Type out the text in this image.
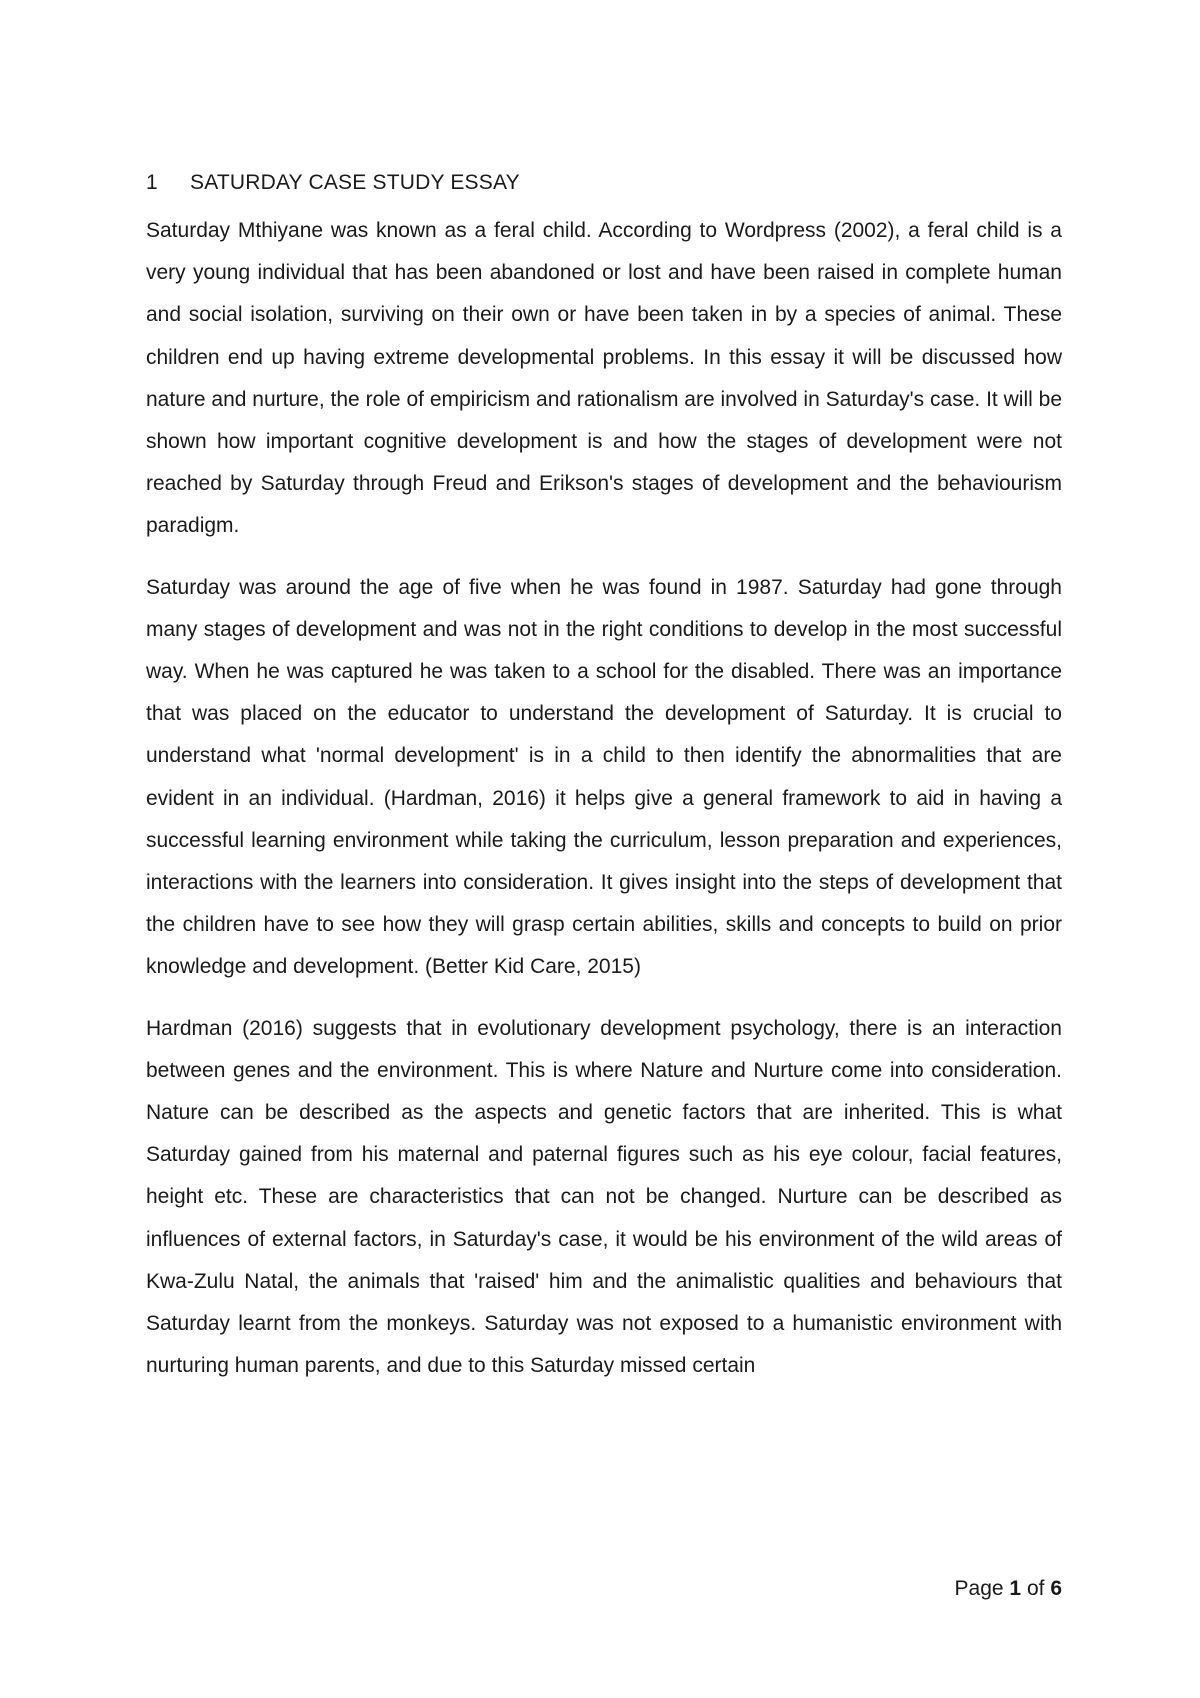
1	SATURDAY CASE STUDY ESSAY

Saturday Mthiyane was known as a feral child. According to Wordpress (2002), a feral child is a very young individual that has been abandoned or lost and have been raised in complete human and social isolation, surviving on their own or have been taken in by a species of animal. These children end up having extreme developmental problems. In this essay it will be discussed how nature and nurture, the role of empiricism and rationalism are involved in Saturday's case. It will be shown how important cognitive development is and how the stages of development were not reached by Saturday through Freud and Erikson's stages of development and the behaviourism paradigm.

Saturday was around the age of five when he was found in 1987. Saturday had gone through many stages of development and was not in the right conditions to develop in the most successful way. When he was captured he was taken to a school for the disabled. There was an importance that was placed on the educator to understand the development of Saturday. It is crucial to understand what 'normal development' is in a child to then identify the abnormalities that are evident in an individual. (Hardman, 2016) it helps give a general framework to aid in having a successful learning environment while taking the curriculum, lesson preparation and experiences, interactions with the learners into consideration. It gives insight into the steps of development that the children have to see how they will grasp certain abilities, skills and concepts to build on prior knowledge and development. (Better Kid Care, 2015)

Hardman (2016) suggests that in evolutionary development psychology, there is an interaction between genes and the environment. This is where Nature and Nurture come into consideration. Nature can be described as the aspects and genetic factors that are inherited. This is what Saturday gained from his maternal and paternal figures such as his eye colour, facial features, height etc. These are characteristics that can not be changed. Nurture can be described as influences of external factors, in Saturday's case, it would be his environment of the wild areas of Kwa-Zulu Natal, the animals that 'raised' him and the animalistic qualities and behaviours that Saturday learnt from the monkeys. Saturday was not exposed to a humanistic environment with nurturing human parents, and due to this Saturday missed certain

Page 1 of 6
